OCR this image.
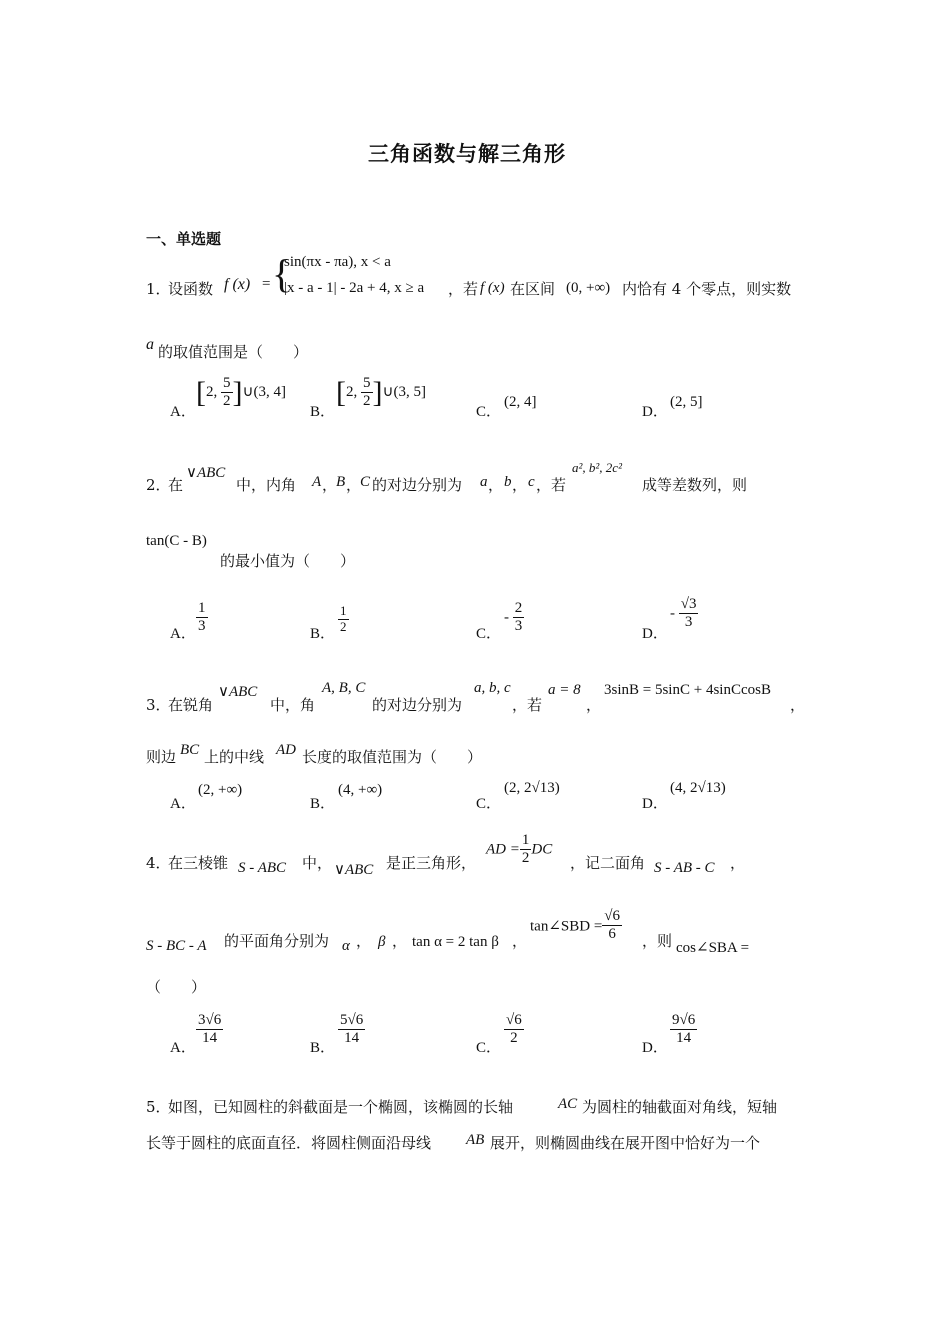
三角函数与解三角形
一、单选题
1．
设函数 f (x) = {
sin(πx - πa), x < a
|x - a - 1| - 2a + 4, x ≥ a ，若 f (x) 在区间 (0, +∞) 内恰有 4 个零点，则实数
a 的取值范围是（　　）
A．
[2, $\frac{5}{2}$ ]∪(3, 4]
B．
[2, $\frac{5}{2}$ ]∪(3, 5]
C．
(2, 4]
D．
(2, 5]
2．
在
∨ABC
中，内角 A ，
B ，
C 的对边分别为 a ， b ， c ，若
a², b², 2c²
成等差数列，则
tan(C - B)
的最小值为（　　）
A． $\frac{1}{3}$	B． $\frac{1}{2}$	C．
- $\frac{2}{3}$	D．
- $\frac{√3}{3}$
3．
在锐角
∨ABC
中，角
A, B, C
的对边分别为
a, b, c
，若
a = 8
，
3sinB = 5sinC + 4sinCcosB
，
则边 BC 上的中线 AD 长度的取值范围为（　　）
A．
(2, +∞)
B．
(4, +∞)
C．
(2, 2√13)
D．
(4, 2√13)
4．
在三棱锥 S - ABC 中， ∨ABC 是正三角形，
AD = $\frac{1}{2}$ DC
，记二面角 S - AB - C ，
S - BC - A 的平面角分别为 α ， β ， tan α = 2 tan β ，
tan∠SBD = $\frac{√6}{6}$ ，则 cos∠SBA =
（　　）
A．
$\frac{3√6}{14}$
B．
$\frac{5√6}{14}$
C．
$\frac{√6}{2}$
D．
$\frac{9√6}{14}$
5．
如图，已知圆柱的斜截面是一个椭圆，该椭圆的长轴	AC 为圆柱的轴截面对角线，短轴
长等于圆柱的底面直径．将圆柱侧面沿母线 AB 展开，则椭圆曲线在展开图中恰好为一个
